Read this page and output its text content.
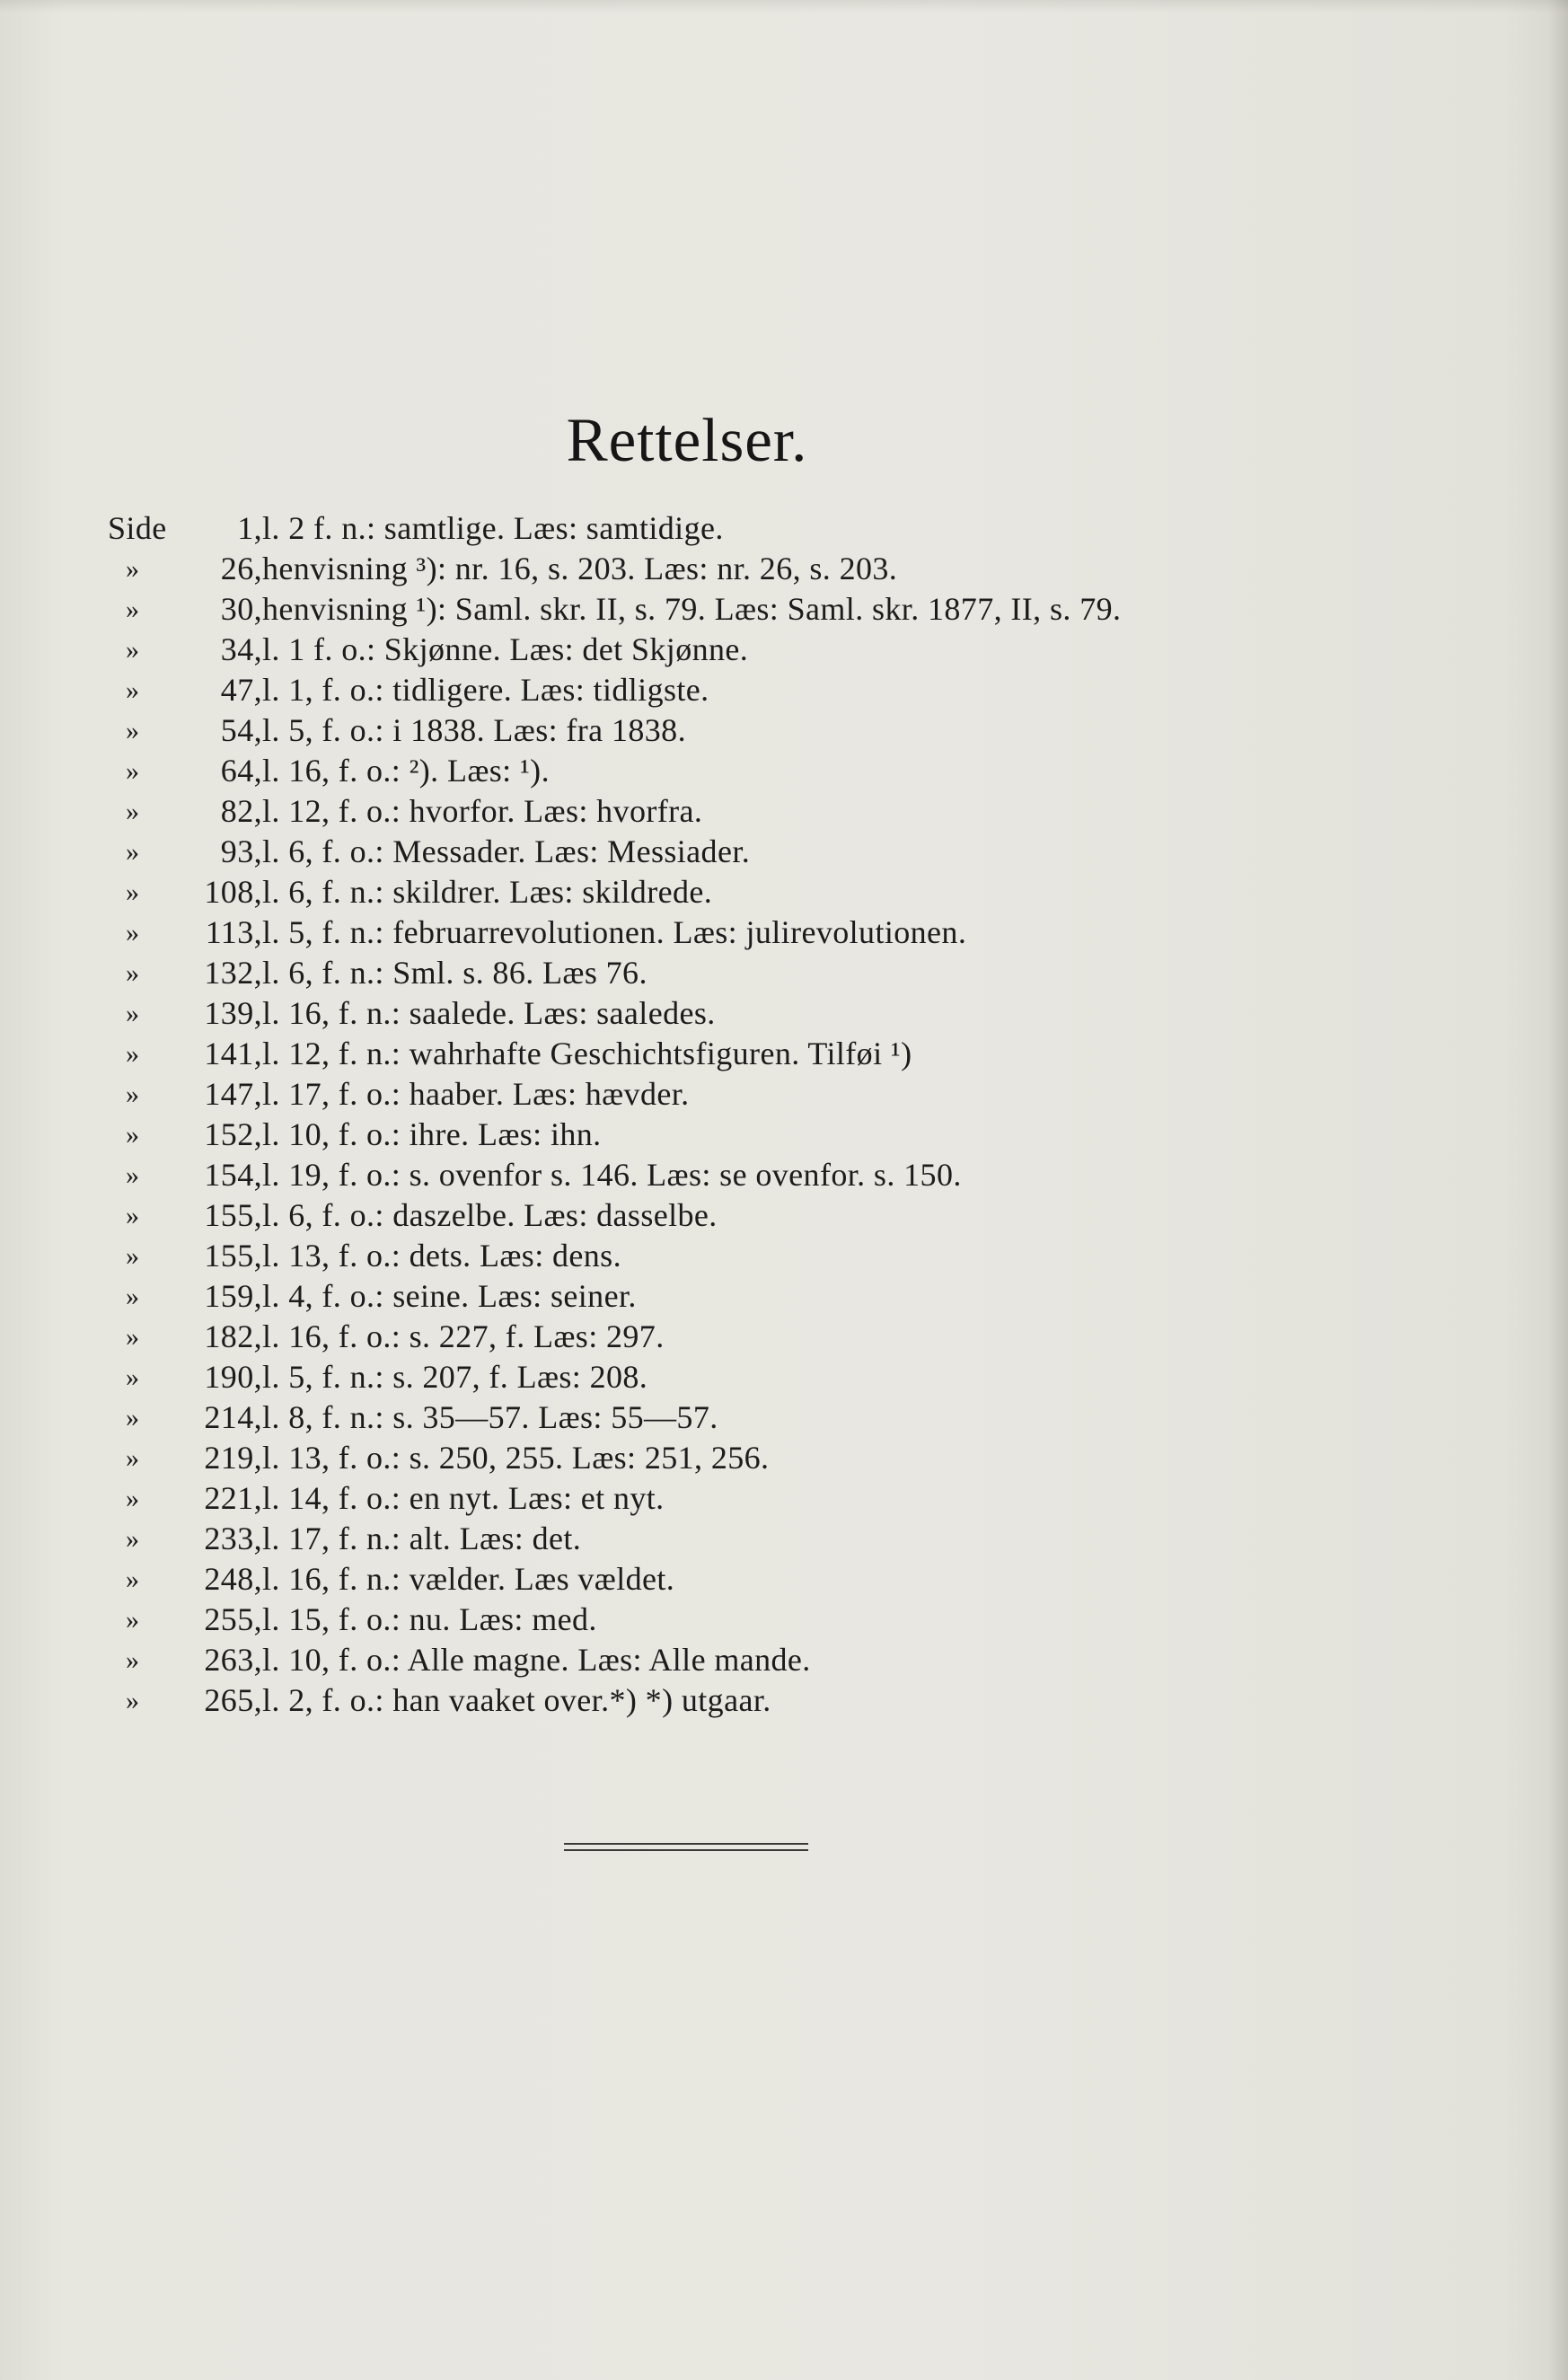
Rettelser.
Side	1, l. 2 f. n.: samtlige. Læs: samtidige.
»	26, henvisning ³): nr. 16, s. 203. Læs: nr. 26, s. 203.
»	30, henvisning ¹): Saml. skr. II, s. 79. Læs: Saml. skr. 1877, II, s. 79.
»	34, l. 1 f. o.: Skjønne. Læs: det Skjønne.
»	47, l. 1, f. o.: tidligere. Læs: tidligste.
»	54, l. 5, f. o.: i 1838. Læs: fra 1838.
»	64, l. 16, f. o.: ²). Læs: ¹).
»	82, l. 12, f. o.: hvorfor. Læs: hvorfra.
»	93, l. 6, f. o.: Messader. Læs: Messiader.
»	108, l. 6, f. n.: skildrer. Læs: skildrede.
»	113, l. 5, f. n.: februarrevolutionen. Læs: julirevolutionen.
»	132, l. 6, f. n.: Sml. s. 86. Læs 76.
»	139, l. 16, f. n.: saalede. Læs: saaledes.
»	141, l. 12, f. n.: wahrhafte Geschichtsfiguren. Tilføi ¹)
»	147, l. 17, f. o.: haaber. Læs: hævder.
»	152, l. 10, f. o.: ihre. Læs: ihn.
»	154, l. 19, f. o.: s. ovenfor s. 146. Læs: se ovenfor. s. 150.
»	155, l. 6, f. o.: daszelbe. Læs: dasselbe.
»	155, l. 13, f. o.: dets. Læs: dens.
»	159, l. 4, f. o.: seine. Læs: seiner.
»	182, l. 16, f. o.: s. 227, f. Læs: 297.
»	190, l. 5, f. n.: s. 207, f. Læs: 208.
»	214, l. 8, f. n.: s. 35—57. Læs: 55—57.
»	219, l. 13, f. o.: s. 250, 255. Læs: 251, 256.
»	221, l. 14, f. o.: en nyt. Læs: et nyt.
»	233, l. 17, f. n.: alt. Læs: det.
»	248, l. 16, f. n.: vælder. Læs vældet.
»	255, l. 15, f. o.: nu. Læs: med.
»	263, l. 10, f. o.: Alle magne. Læs: Alle mande.
»	265, l. 2, f. o.: han vaaket over.*) *) utgaar.
